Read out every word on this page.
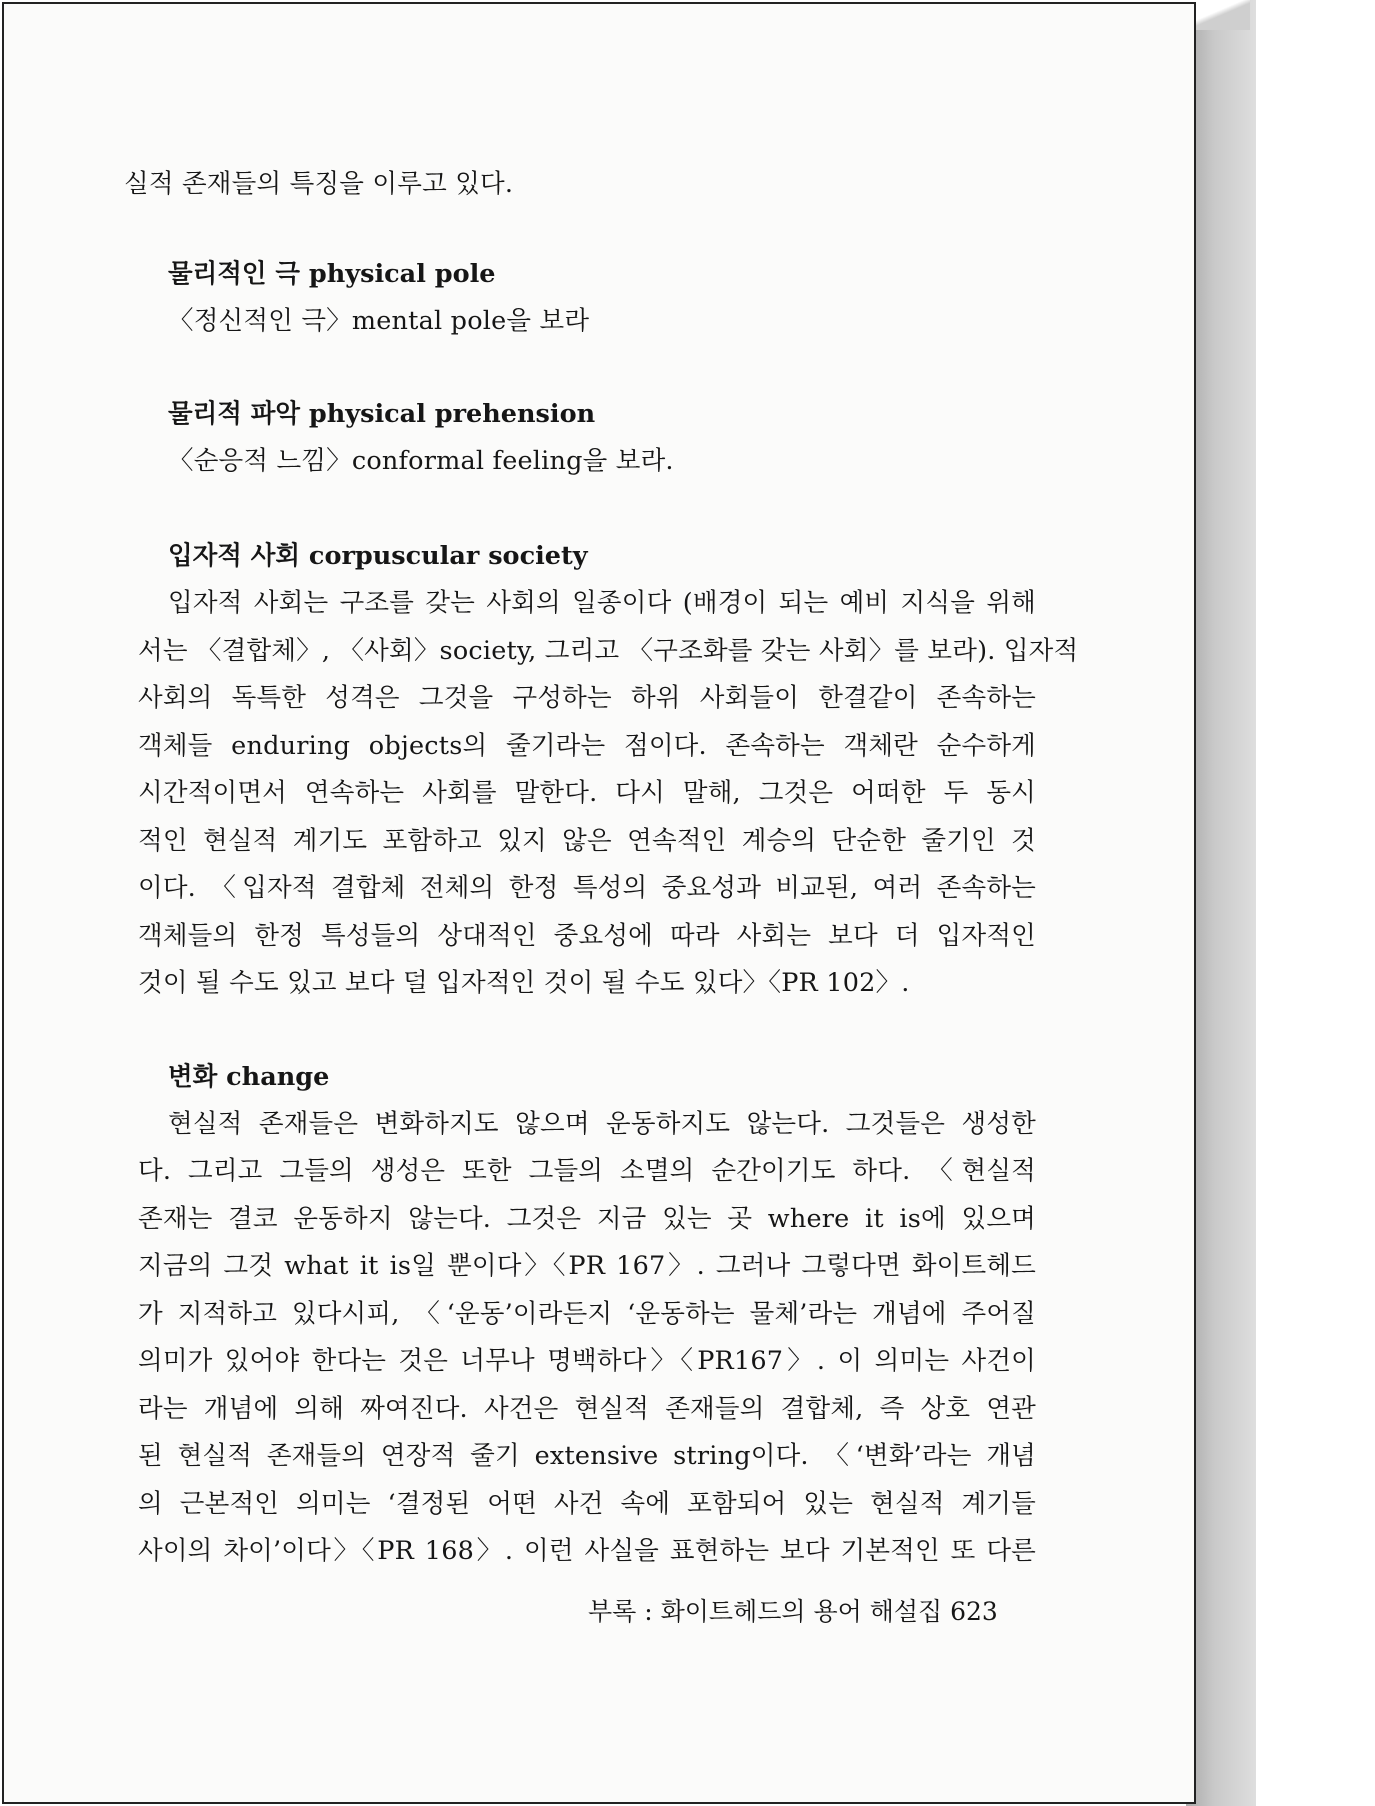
실적 존재들의 특징을 이루고 있다.
물리적인 극 physical pole
〈정신적인 극〉mental pole을 보라
물리적 파악 physical prehension
〈순응적 느낌〉conformal feeling을 보라.
입자적 사회 corpuscular society
입자적 사회는 구조를 갖는 사회의 일종이다 (배경이 되는 예비 지식을 위해
서는 〈결합체〉, 〈사회〉society, 그리고 〈구조화를 갖는 사회〉를 보라). 입자적
사회의 독특한 성격은 그것을 구성하는 하위 사회들이 한결같이 존속하는
객체들 enduring objects의 줄기라는 점이다. 존속하는 객체란 순수하게
시간적이면서 연속하는 사회를 말한다. 다시 말해, 그것은 어떠한 두 동시
적인 현실적 계기도 포함하고 있지 않은 연속적인 계승의 단순한 줄기인 것
이다. 〈입자적 결합체 전체의 한정 특성의 중요성과 비교된, 여러 존속하는
객체들의 한정 특성들의 상대적인 중요성에 따라 사회는 보다 더 입자적인
것이 될 수도 있고 보다 덜 입자적인 것이 될 수도 있다〉〈PR 102〉.
변화 change
현실적 존재들은 변화하지도 않으며 운동하지도 않는다. 그것들은 생성한
다. 그리고 그들의 생성은 또한 그들의 소멸의 순간이기도 하다. 〈현실적
존재는 결코 운동하지 않는다. 그것은 지금 있는 곳 where it is에 있으며
지금의 그것 what it is일 뿐이다〉〈PR 167〉. 그러나 그렇다면 화이트헤드
가 지적하고 있다시피, 〈‘운동’이라든지 ‘운동하는 물체’라는 개념에 주어질
의미가 있어야 한다는 것은 너무나 명백하다〉〈PR167〉. 이 의미는 사건이
라는 개념에 의해 짜여진다. 사건은 현실적 존재들의 결합체, 즉 상호 연관
된 현실적 존재들의 연장적 줄기 extensive string이다. 〈‘변화’라는 개념
의 근본적인 의미는 ‘결정된 어떤 사건 속에 포함되어 있는 현실적 계기들
사이의 차이’이다〉〈PR 168〉. 이런 사실을 표현하는 보다 기본적인 또 다른
부록 : 화이트헤드의 용어 해설집 623
